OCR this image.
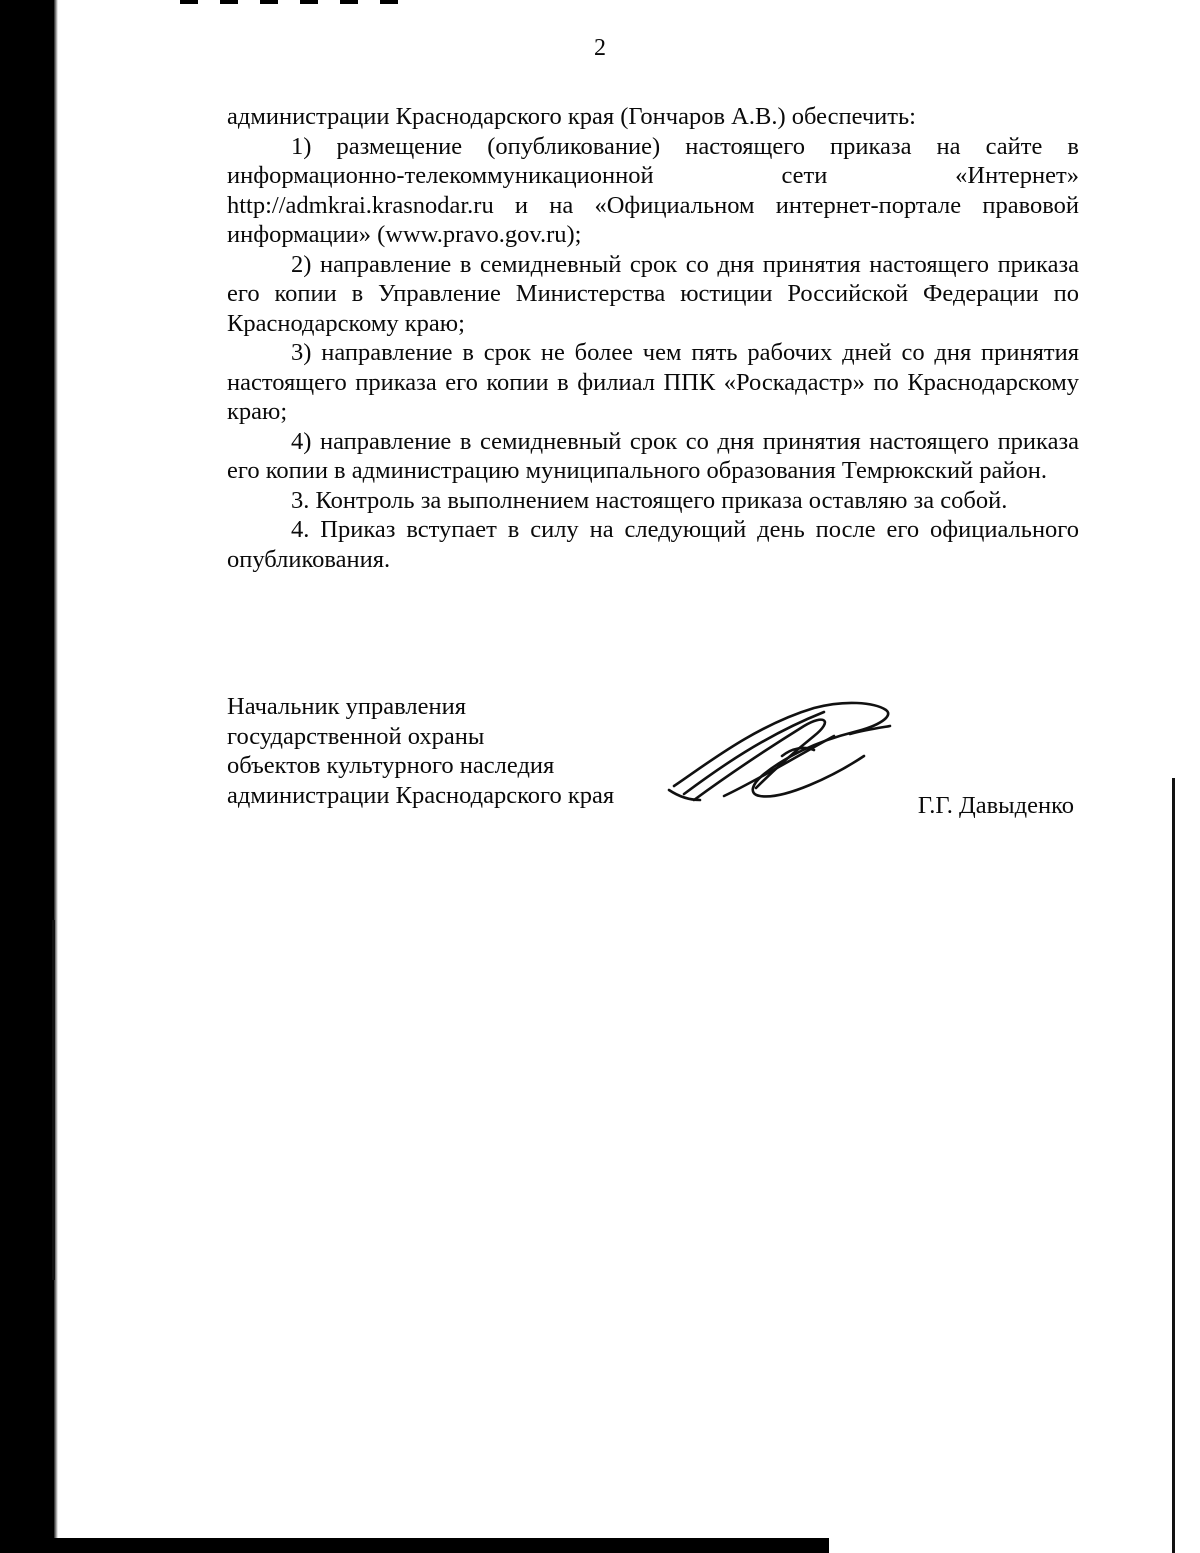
2

администрации Краснодарского края (Гончаров А.В.) обеспечить:

1) размещение (опубликование) настоящего приказа на сайте в информационно-телекоммуникационной сети «Интернет» http://admkrai.krasnodar.ru и на «Официальном интернет-портале правовой информации» (www.pravo.gov.ru);

2) направление в семидневный срок со дня принятия настоящего приказа его копии в Управление Министерства юстиции Российской Федерации по Краснодарскому краю;

3) направление в срок не более чем пять рабочих дней со дня принятия настоящего приказа его копии в филиал ППК «Роскадастр» по Краснодарскому краю;

4) направление в семидневный срок со дня принятия настоящего приказа его копии в администрацию муниципального образования Темрюкский район.

3. Контроль за выполнением настоящего приказа оставляю за собой.

4. Приказ вступает в силу на следующий день после его официального опубликования.

Начальник управления
государственной охраны
объектов культурного наследия
администрации Краснодарского края	Г.Г. Давыденко
